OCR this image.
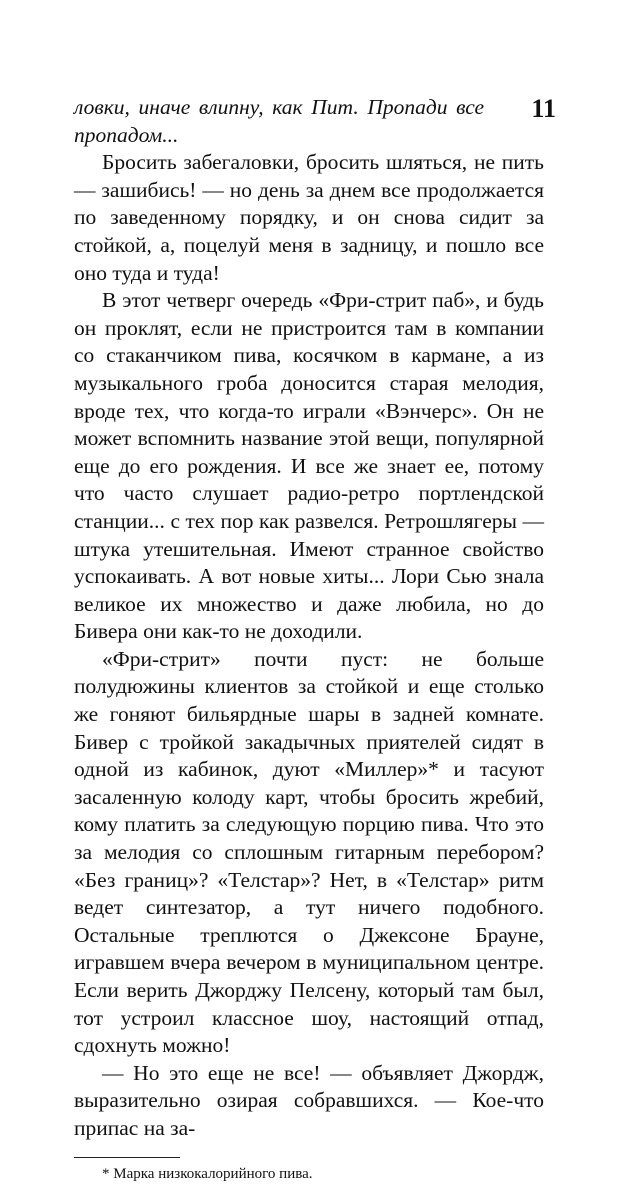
11

ловки, иначе влипну, как Пит. Пропади все пропадом...

Бросить забегаловки, бросить шляться, не пить — зашибись! — но день за днем все продолжается по заведенному порядку, и он снова сидит за стойкой, а, поцелуй меня в задницу, и пошло все оно туда и туда!

В этот четверг очередь «Фри-стрит паб», и будь он проклят, если не пристроится там в компании со стаканчиком пива, косячком в кармане, а из музыкального гроба доносится старая мелодия, вроде тех, что когда-то играли «Вэнчерс». Он не может вспомнить название этой вещи, популярной еще до его рождения. И все же знает ее, потому что часто слушает радио-ретро портлендской станции... с тех пор как развелся. Ретрошлягеры — штука утешительная. Имеют странное свойство успокаивать. А вот новые хиты... Лори Сью знала великое их множество и даже любила, но до Бивера они как-то не доходили.

«Фри-стрит» почти пуст: не больше полудюжины клиентов за стойкой и еще столько же гоняют бильярдные шары в задней комнате. Бивер с тройкой закадычных приятелей сидят в одной из кабинок, дуют «Миллер»* и тасуют засаленную колоду карт, чтобы бросить жребий, кому платить за следующую порцию пива. Что это за мелодия со сплошным гитарным перебором? «Без границ»? «Телстар»? Нет, в «Телстар» ритм ведет синтезатор, а тут ничего подобного. Остальные треплются о Джексоне Брауне, игравшем вчера вечером в муниципальном центре. Если верить Джорджу Пелсену, который там был, тот устроил классное шоу, настоящий отпад, сдохнуть можно!

— Но это еще не все! — объявляет Джордж, выразительно озирая собравшихся. — Кое-что припас на за-

* Марка низкокалорийного пива.
